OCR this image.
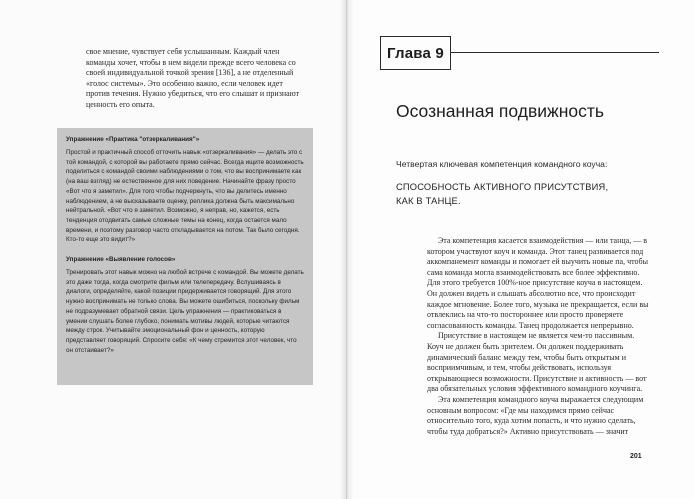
свое мнение, чувствует себя услышанным. Каждый член команды хочет, чтобы в нем видели прежде всего человека со своей индивидуальной точкой зрения [136], а не отделенный «голос системы». Это особенно важно, если человек идет против течения. Нужно убедиться, что его слышат и признают ценность его опыта.

Упражнение «Практика "отзеркаливания"»

Простой и практичный способ отточить навык «отзеркаливания» — делать это с той командой, с которой вы работаете прямо сейчас. Всегда ищите возможность поделиться с командой своими наблюдениями о том, что вы воспринимаете как (на ваш взгляд) не естественное для них поведение. Начинайте фразу просто «Вот что я заметил». Для того чтобы подчеркнуть, что вы делитесь именно наблюдением, а не высказываете оценку, реплика должна быть максимально нейтральной. «Вот что я заметил. Возможно, я неправ, но, кажется, есть тенденция отодвигать самые сложные темы на конец, когда остается мало времени, и поэтому разговор часто откладывается на потом. Так было сегодня. Кто-то еще это видит?»

Упражнение «Выявление голосов»

Тренировать этот навык можно на любой встрече с командой. Вы можете делать это даже тогда, когда смотрите фильм или телепередачу. Вслушиваясь в диалоги, определяйте, какой позиции придерживается говорящий. Для этого нужно воспринимать не только слова. Вы можете ошибиться, поскольку фильм не подразумевает обратной связи. Цель упражнения — практиковаться в умении слушать более глубоко, понимать мотивы людей, которые читаются между строк. Учитывайте эмоциональный фон и ценность, которую представляет говорящий. Спросите себя: «К чему стремится этот человек, что он отстаивает?»

Глава 9
Осознанная подвижность
Четвертая ключевая компетенция командного коуча:
СПОСОБНОСТЬ АКТИВНОГО ПРИСУТСТВИЯ,
КАК В ТАНЦЕ.

Эта компетенция касается взаимодействия — или танца, — в котором участвуют коуч и команда. Этот танец развивается под аккомпанемент команды и помогает ей выучить новые па, чтобы сама команда могла взаимодействовать все более эффективно. Для этого требуется 100%-ное присутствие коуча в настоящем. Он должен видеть и слышать абсолютно все, что происходит каждое мгновение. Более того, музыка не прекращается, если вы отвлеклись на что-то постороннее или просто проверяете согласованность команды. Танец продолжается непрерывно.

Присутствие в настоящем не является чем-то пассивным. Коуч не должен быть зрителем. Он должен поддерживать динамический баланс между тем, чтобы быть открытым и восприимчивым, и тем, чтобы действовать, используя открывающиеся возможности. Присутствие и активность — вот два обязательных условия эффективного командного коучинга.

Эта компетенция командного коуча выражается следующим основным вопросом: «Где мы находимся прямо сейчас относительно того, куда хотим попасть, и что нужно сделать, чтобы туда добраться?» Активно присутствовать — значит

201
